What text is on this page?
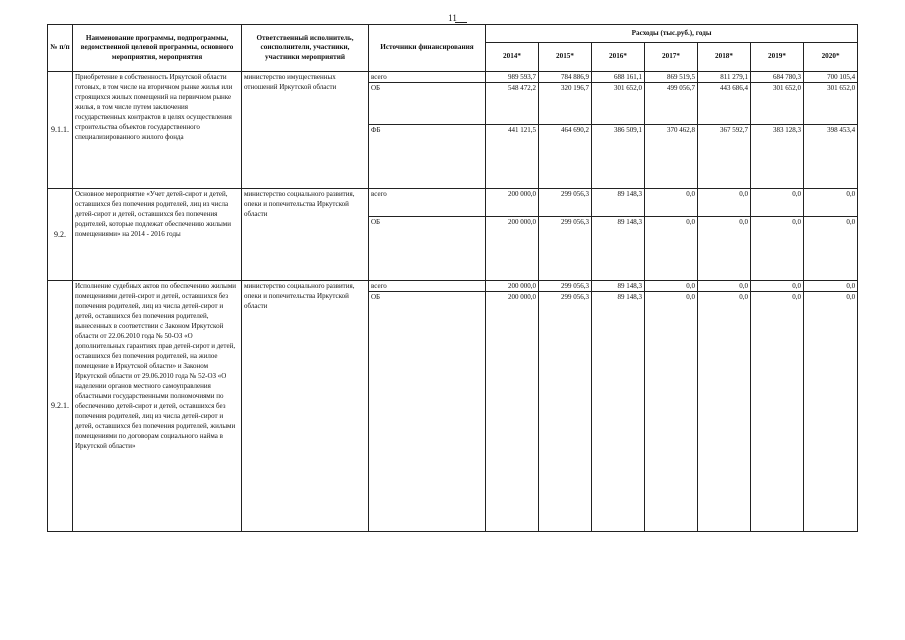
11
№ п/п	Наименование программы, подпрограммы, ведомственной целевой программы, основного мероприятия, мероприятия	Ответственный исполнитель, соисполнители, участники, участники мероприятий	Источники финансирования	Расходы (тыс.руб.), годы						
				2014*	2015*	2016*	2017*	2018*	2019*	2020*
9.1.1.	Приобретение в собственность Иркутской области готовых, в том числе на вторичном рынке жилья или строящихся жилых помещений на первичном рынке жилья, в том числе путем заключения государственных контрактов в целях осуществления строительства объектов государственного специализированного жилого фонда	министерство имущественных отношений Иркутской области	всего	989 593,7	784 886,9	688 161,1	869 519,5	811 279,1	684 780,3	700 105,4
			ОБ	548 472,2	320 196,7	301 652,0	499 056,7	443 686,4	301 652,0	301 652,0
			ФБ	441 121,5	464 690,2	386 509,1	370 462,8	367 592,7	383 128,3	398 453,4
9.2.	Основное мероприятие «Учет детей-сирот и детей, оставшихся без попечения родителей, лиц из числа детей-сирот и детей, оставшихся без попечения родителей, которые подлежат обеспечению жилыми помещениями» на 2014 - 2016 годы	министерство социального развития, опеки и попечительства Иркутской области	всего	200 000,0	299 056,3	89 148,3	0,0	0,0	0,0	0,0
			ОБ	200 000,0	299 056,3	89 148,3	0,0	0,0	0,0	0,0
9.2.1.	Исполнение судебных актов по обеспечению жилыми помещениями детей-сирот и детей, оставшихся без попечения родителей, лиц из числа детей-сирот и детей, оставшихся без попечения родителей, вынесенных в соответствии с Законом Иркутской области от 22.06.2010 года № 50-ОЗ «О дополнительных гарантиях прав детей-сирот и детей, оставшихся без попечения родителей, на жилое помещение в Иркутской области» и Законом Иркутской области от 29.06.2010 года № 52-ОЗ «О наделении органов местного самоуправления областными государственными полномочиями по обеспечению детей-сирот и детей, оставшихся без попечения родителей, лиц из числа детей-сирот и детей, оставшихся без попечения родителей, жилыми помещениями по договорам социального найма в Иркутской области»	министерство социального развития, опеки и попечительства Иркутской области	всего	200 000,0	299 056,3	89 148,3	0,0	0,0	0,0	0,0
			ОБ	200 000,0	299 056,3	89 148,3	0,0	0,0	0,0	0,0
